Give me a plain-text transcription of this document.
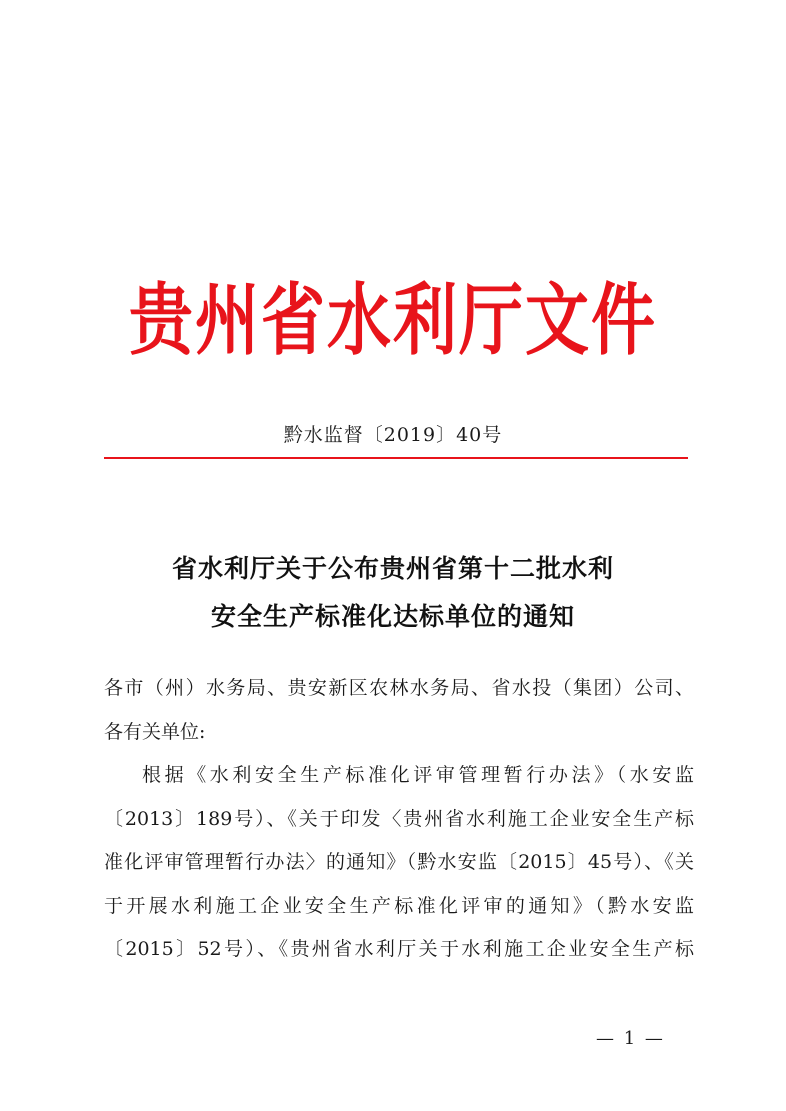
贵州省水利厅文件
黔水监督〔2019〕40号
省水利厅关于公布贵州省第十二批水利
安全生产标准化达标单位的通知
各市（州）水务局、贵安新区农林水务局、省水投（集团）公司、
各有关单位:
根据《水利安全生产标准化评审管理暂行办法》（水安监
〔2013〕189号）、《关于印发〈贵州省水利施工企业安全生产标
准化评审管理暂行办法〉的通知》（黔水安监〔2015〕45号）、《关
于开展水利施工企业安全生产标准化评审的通知》（黔水安监
〔2015〕52号）、《贵州省水利厅关于水利施工企业安全生产标
— 1 —
